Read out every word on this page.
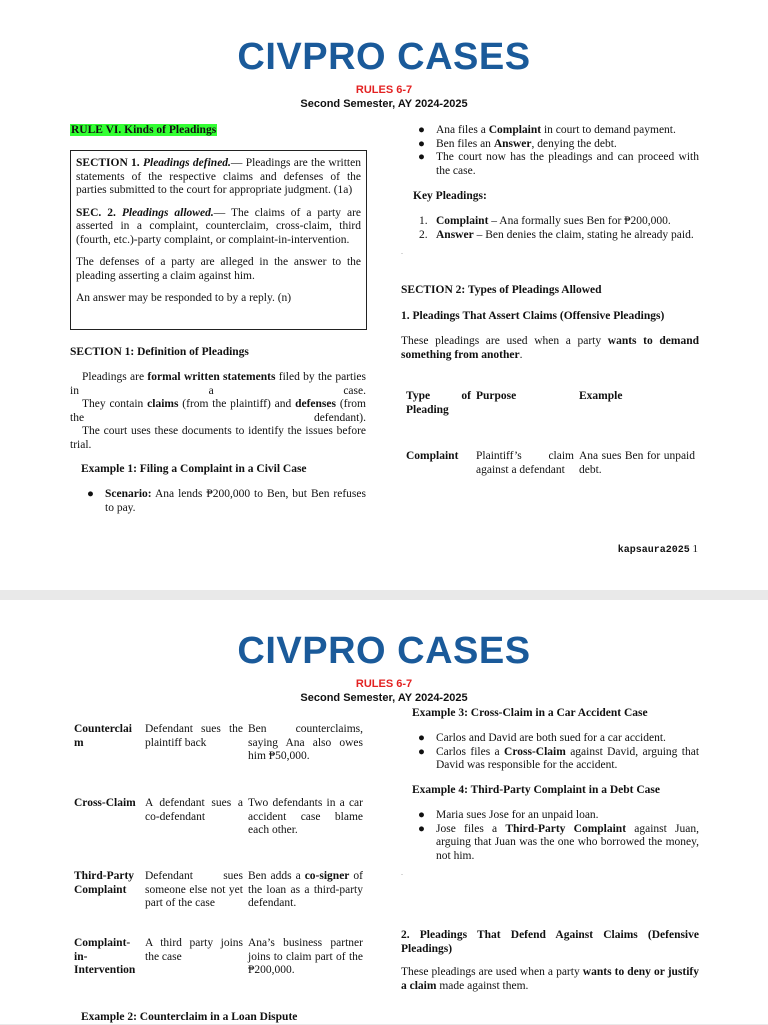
CIVPRO CASES
RULES 6-7
Second Semester, AY 2024-2025
RULE VI. Kinds of Pleadings

SECTION 1. Pleadings defined.— Pleadings are the written statements of the respective claims and defenses of the parties submitted to the court for appropriate judgment. (1a)

SEC. 2. Pleadings allowed.— The claims of a party are asserted in a complaint, counterclaim, cross-claim, third (fourth, etc.)-party complaint, or complaint-in-intervention.

The defenses of a party are alleged in the answer to the pleading asserting a claim against him.

An answer may be responded to by a reply. (n)

SECTION 1: Definition of Pleadings
Pleadings are formal written statements filed by the parties in a case.
They contain claims (from the plaintiff) and defenses (from the defendant).
The court uses these documents to identify the issues before trial.
Example 1: Filing a Complaint in a Civil Case
● Scenario: Ana lends ₱200,000 to Ben, but Ben refuses to pay.
● Ana files a Complaint in court to demand payment.
● Ben files an Answer, denying the debt.
● The court now has the pleadings and can proceed with the case.
Key Pleadings:
1. Complaint – Ana formally sues Ben for ₱200,000.
2. Answer – Ben denies the claim, stating he already paid.
.
SECTION 2: Types of Pleadings Allowed
1. Pleadings That Assert Claims (Offensive Pleadings)
These pleadings are used when a party wants to demand something from another.
Type of Pleading	Purpose	Example
Complaint	Plaintiff’s claim against a defendant	Ana sues Ben for unpaid debt.
kapsaura2025 1
CIVPRO CASES
RULES 6-7
Second Semester, AY 2024-2025
Counterclaim	Defendant sues the plaintiff back	Ben counterclaims, saying Ana also owes him ₱50,000.
Cross-Claim	A defendant sues a co-defendant	Two defendants in a car accident case blame each other.
Third-Party Complaint	Defendant sues someone else not yet part of the case	Ben adds a co-signer of the loan as a third-party defendant.
Complaint-in-Intervention	A third party joins the case	Ana’s business partner joins to claim part of the ₱200,000.
Example 2: Counterclaim in a Loan Dispute
Example 3: Cross-Claim in a Car Accident Case
● Carlos and David are both sued for a car accident.
● Carlos files a Cross-Claim against David, arguing that David was responsible for the accident.
Example 4: Third-Party Complaint in a Debt Case
● Maria sues Jose for an unpaid loan.
● Jose files a Third-Party Complaint against Juan, arguing that Juan was the one who borrowed the money, not him.
.
2. Pleadings That Defend Against Claims (Defensive Pleadings)
These pleadings are used when a party wants to deny or justify a claim made against them.
